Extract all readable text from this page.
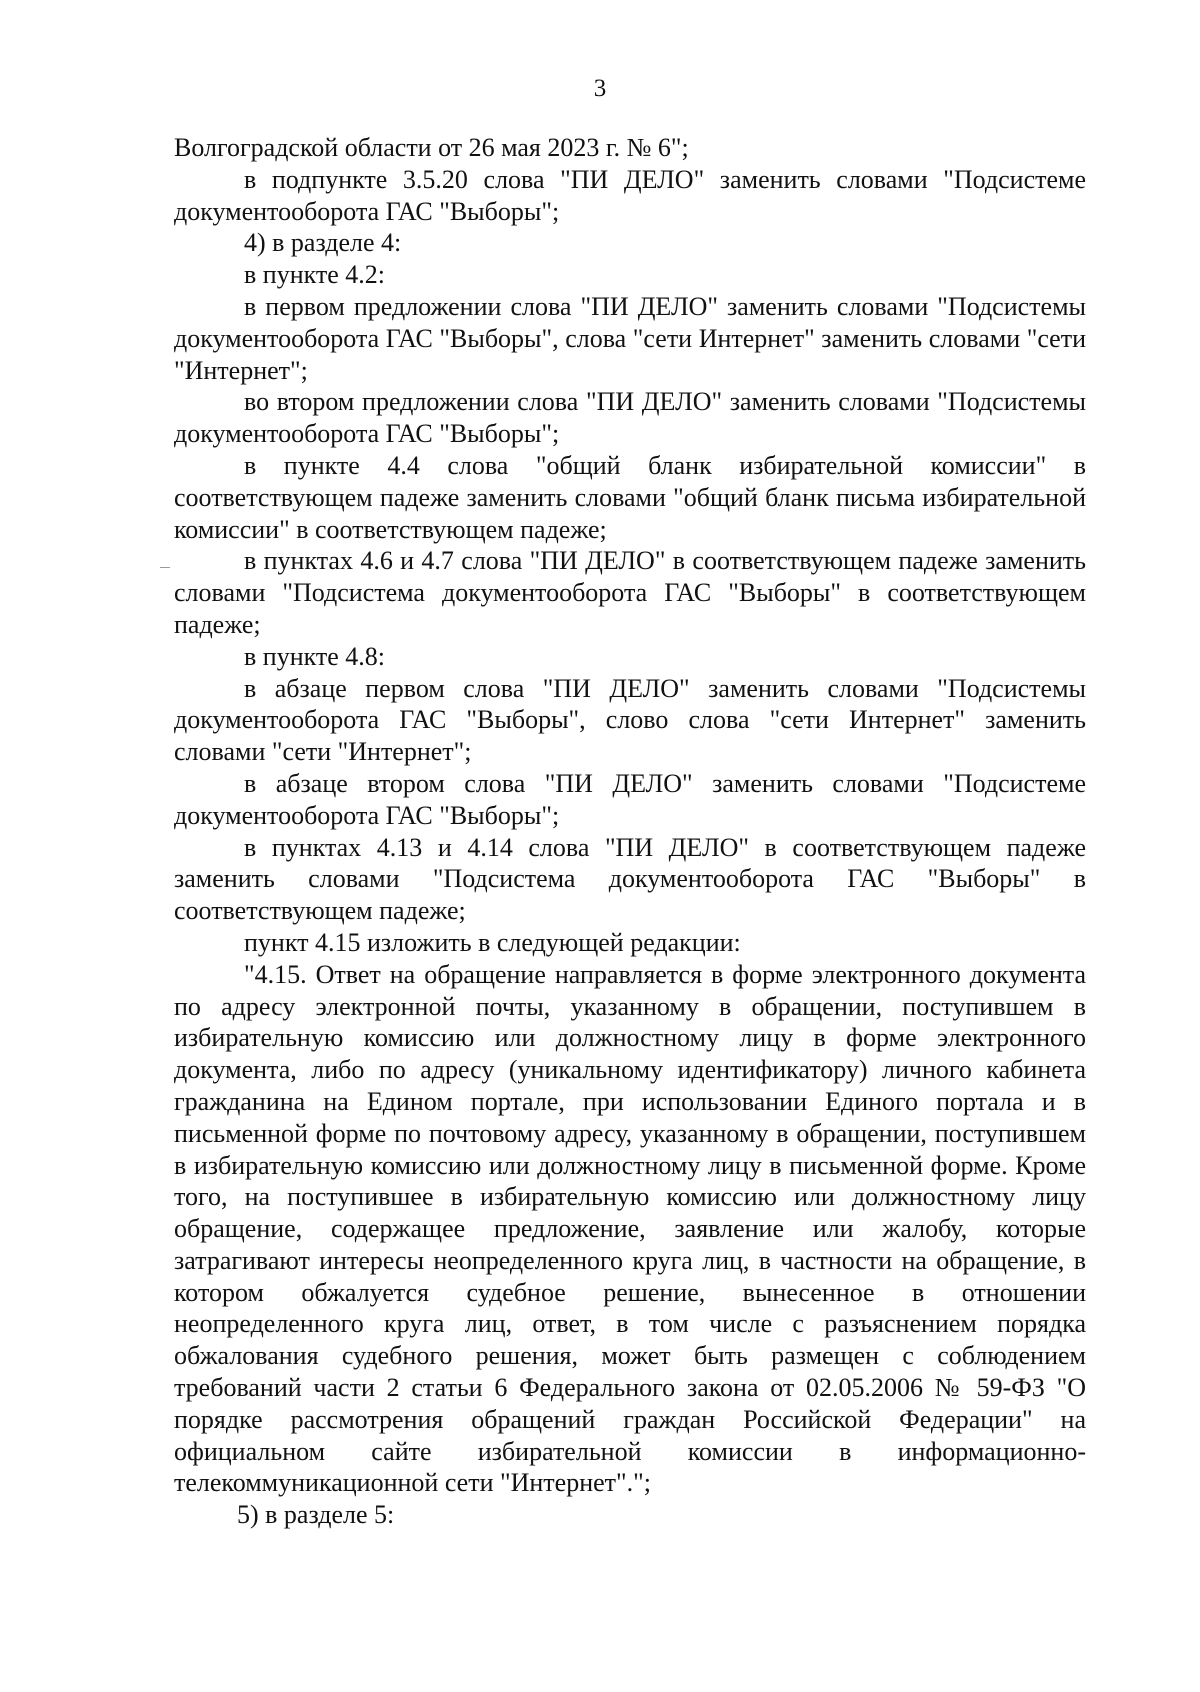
3

Волгоградской области от 26 мая 2023 г. № 6";

в подпункте 3.5.20 слова "ПИ ДЕЛО" заменить словами "Подсистеме документооборота ГАС "Выборы";

4) в разделе 4:

в пункте 4.2:

в первом предложении слова "ПИ ДЕЛО" заменить словами "Подсистемы документооборота ГАС "Выборы", слова "сети Интернет" заменить словами "сети "Интернет";

во втором предложении слова "ПИ ДЕЛО" заменить словами "Подсистемы документооборота ГАС "Выборы";

в пункте 4.4 слова "общий бланк избирательной комиссии" в соответствующем падеже заменить словами "общий бланк письма избирательной комиссии" в соответствующем падеже;

в пунктах 4.6 и 4.7 слова "ПИ ДЕЛО" в соответствующем падеже заменить словами "Подсистема документооборота ГАС "Выборы" в соответствующем падеже;

в пункте 4.8:

в абзаце первом слова "ПИ ДЕЛО" заменить словами "Подсистемы документооборота ГАС "Выборы", слово слова "сети Интернет" заменить словами "сети "Интернет";

в абзаце втором слова "ПИ ДЕЛО" заменить словами "Подсистеме документооборота ГАС "Выборы";

в пунктах 4.13 и 4.14 слова "ПИ ДЕЛО" в соответствующем падеже заменить словами "Подсистема документооборота ГАС "Выборы" в соответствующем падеже;

пункт 4.15 изложить в следующей редакции:

"4.15. Ответ на обращение направляется в форме электронного документа по адресу электронной почты, указанному в обращении, поступившем в избирательную комиссию или должностному лицу в форме электронного документа, либо по адресу (уникальному идентификатору) личного кабинета гражданина на Едином портале, при использовании Единого портала и в письменной форме по почтовому адресу, указанному в обращении, поступившем в избирательную комиссию или должностному лицу в письменной форме. Кроме того, на поступившее в избирательную комиссию или должностному лицу обращение, содержащее предложение, заявление или жалобу, которые затрагивают интересы неопределенного круга лиц, в частности на обращение, в котором обжалуется судебное решение, вынесенное в отношении неопределенного круга лиц, ответ, в том числе с разъяснением порядка обжалования судебного решения, может быть размещен с соблюдением требований части 2 статьи 6 Федерального закона от 02.05.2006 № 59-ФЗ "О порядке рассмотрения обращений граждан Российской Федерации" на официальном сайте избирательной комиссии в информационно-телекоммуникационной сети "Интернет".";

5) в разделе 5:
